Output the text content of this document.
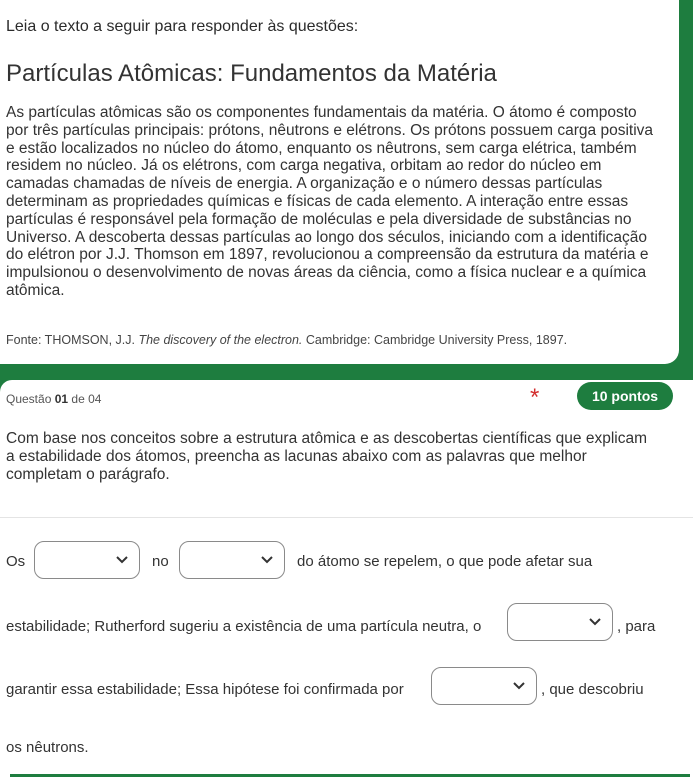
Leia o texto a seguir para responder às questões:
Partículas Atômicas: Fundamentos da Matéria

As partículas atômicas são os componentes fundamentais da matéria. O átomo é composto
por três partículas principais: prótons, nêutrons e elétrons. Os prótons possuem carga positiva
e estão localizados no núcleo do átomo, enquanto os nêutrons, sem carga elétrica, também
residem no núcleo. Já os elétrons, com carga negativa, orbitam ao redor do núcleo em
camadas chamadas de níveis de energia. A organização e o número dessas partículas
determinam as propriedades químicas e físicas de cada elemento. A interação entre essas
partículas é responsável pela formação de moléculas e pela diversidade de substâncias no
Universo. A descoberta dessas partículas ao longo dos séculos, iniciando com a identificação
do elétron por J.J. Thomson em 1897, revolucionou a compreensão da estrutura da matéria e
impulsionou o desenvolvimento de novas áreas da ciência, como a física nuclear e a química
atômica.

Fonte: THOMSON, J.J. The discovery of the electron. Cambridge: Cambridge University Press, 1897.
Questão 01 de 04	*	10 pontos

Com base nos conceitos sobre a estrutura atômica e as descobertas científicas que explicam
a estabilidade dos átomos, preencha as lacunas abaixo com as palavras que melhor
completam o parágrafo.

Os	no	do átomo se repelem, o que pode afetar sua
estabilidade; Rutherford sugeriu a existência de uma partícula neutra, o	, para
garantir essa estabilidade; Essa hipótese foi confirmada por	, que descobriu
os nêutrons.
